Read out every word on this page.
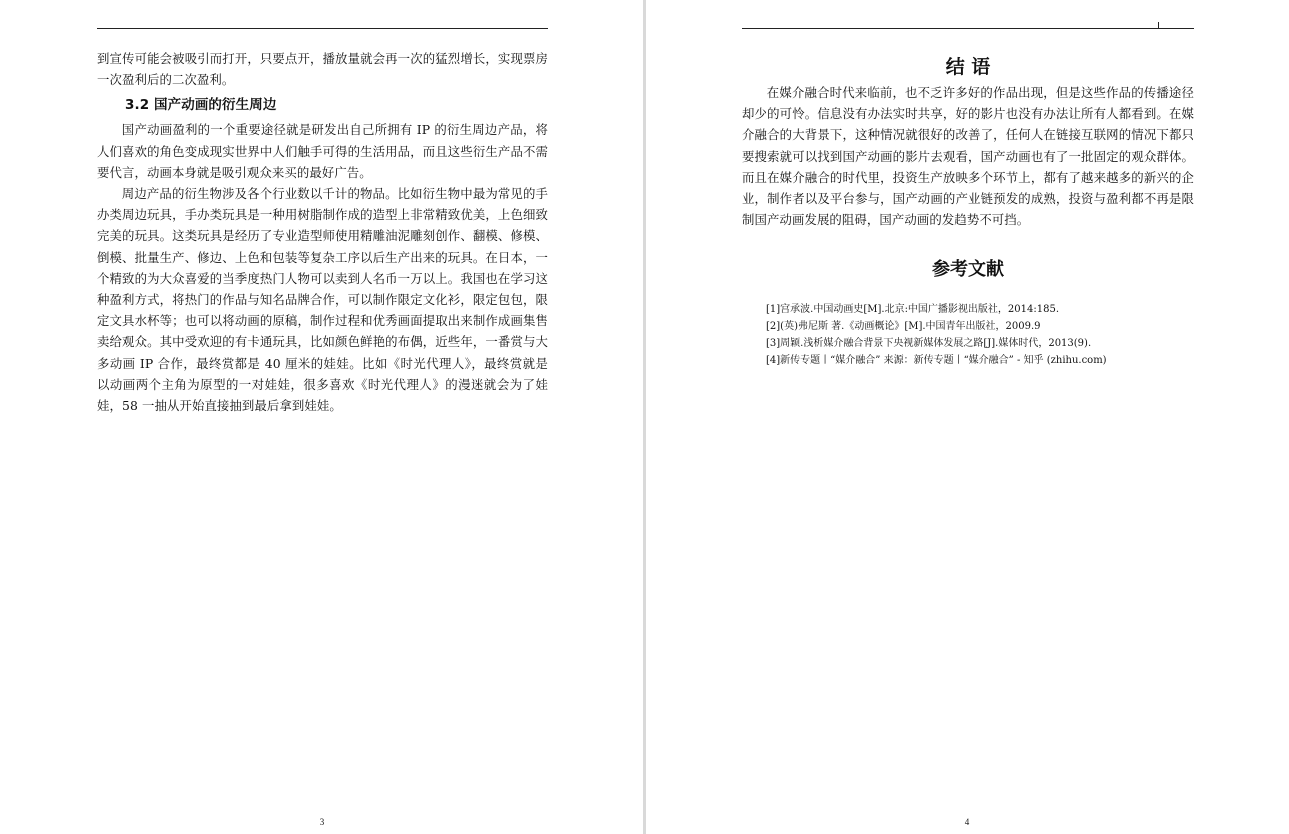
到宣传可能会被吸引而打开，只要点开，播放量就会再一次的猛烈增长，实现票房一次盈利后的二次盈利。

3.2 国产动画的衍生周边

国产动画盈利的一个重要途径就是研发出自己所拥有 IP 的衍生周边产品，将人们喜欢的角色变成现实世界中人们触手可得的生活用品，而且这些衍生产品不需要代言，动画本身就是吸引观众来买的最好广告。

周边产品的衍生物涉及各个行业数以千计的物品。比如衍生物中最为常见的手办类周边玩具，手办类玩具是一种用树脂制作成的造型上非常精致优美，上色细致完美的玩具。这类玩具是经历了专业造型师使用精雕油泥雕刻创作、翻模、修模、倒模、批量生产、修边、上色和包装等复杂工序以后生产出来的玩具。在日本，一个精致的为大众喜爱的当季度热门人物可以卖到人名币一万以上。我国也在学习这种盈利方式，将热门的作品与知名品牌合作，可以制作限定文化衫，限定包包，限定文具水杯等；也可以将动画的原稿，制作过程和优秀画面提取出来制作成画集售卖给观众。其中受欢迎的有卡通玩具，比如颜色鲜艳的布偶，近些年，一番赏与大多动画 IP 合作，最终赏都是 40 厘米的娃娃。比如《时光代理人》，最终赏就是以动画两个主角为原型的一对娃娃，很多喜欢《时光代理人》的漫迷就会为了娃娃，58 一抽从开始直接抽到最后拿到娃娃。

3
结 语

在媒介融合时代来临前，也不乏许多好的作品出现，但是这些作品的传播途径却少的可怜。信息没有办法实时共享，好的影片也没有办法让所有人都看到。在媒介融合的大背景下，这种情况就很好的改善了，任何人在链接互联网的情况下都只要搜索就可以找到国产动画的影片去观看，国产动画也有了一批固定的观众群体。而且在媒介融合的时代里，投资生产放映多个环节上，都有了越来越多的新兴的企业，制作者以及平台参与，国产动画的产业链预发的成熟，投资与盈利都不再是限制国产动画发展的阻碍，国产动画的发趋势不可挡。

参考文献
[1]宫承波.中国动画史[M].北京:中国广播影视出版社，2014:185.
[2](英)弗尼斯 著.《动画概论》[M].中国青年出版社，2009.9
[3]周颖.浅析媒介融合背景下央视新媒体发展之路[J].媒体时代，2013(9).
[4]新传专题丨“媒介融合” 来源：新传专题丨“媒介融合” - 知乎 (zhihu.com)
4
